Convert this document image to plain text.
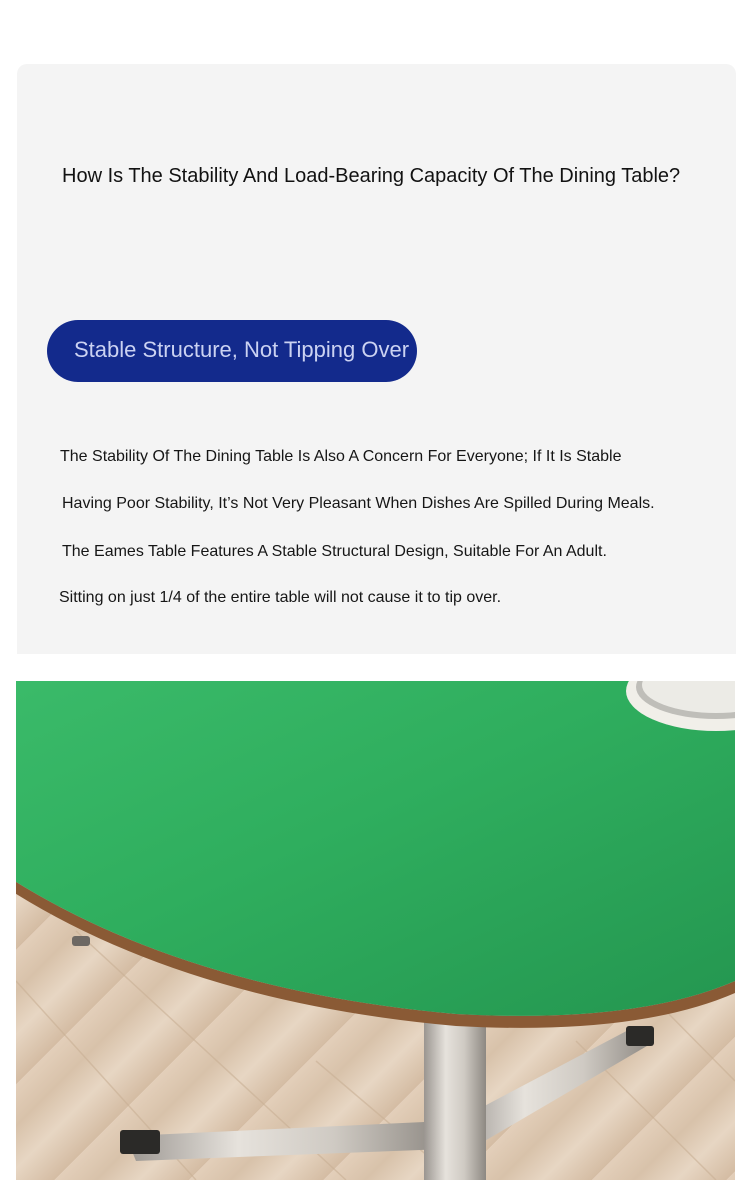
How Is The Stability And Load-Bearing Capacity Of The Dining Table?
Stable Structure, Not Tipping Over

The Stability Of The Dining Table Is Also A Concern For Everyone; If It Is Stable

Having Poor Stability, It’s Not Very Pleasant When Dishes Are Spilled During Meals.

The Eames Table Features A Stable Structural Design, Suitable For An Adult.

Sitting on just 1/4 of the entire table will not cause it to tip over.
